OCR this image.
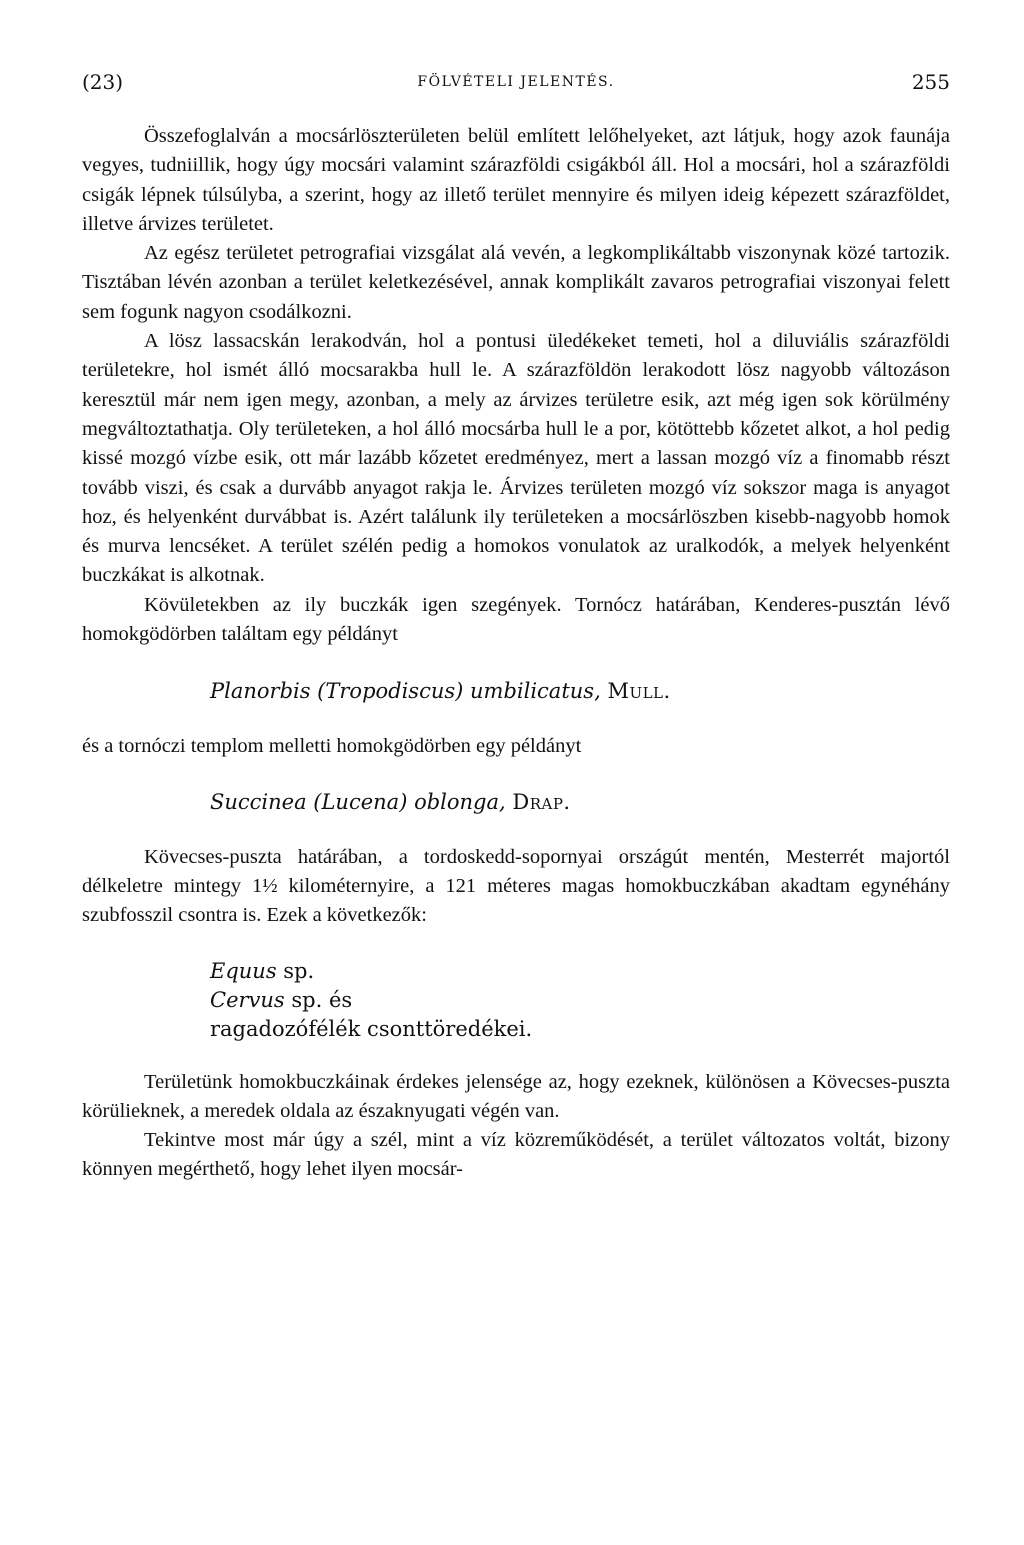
(23)	FÖLVÉTELI JELENTÉS.	255

Összefoglalván a mocsárlöszterületen belül említett lelőhelyeket, azt látjuk, hogy azok faunája vegyes, tudniillik, hogy úgy mocsári valamint szárazföldi csigákból áll. Hol a mocsári, hol a szárazföldi csigák lépnek túlsúlyba, a szerint, hogy az illető terület mennyire és milyen ideig képezett szárazföldet, illetve árvizes területet.

Az egész területet petrografiai vizsgálat alá vevén, a legkomplikáltabb viszonynak közé tartozik. Tisztában lévén azonban a terület keletkezésével, annak komplikált zavaros petrografiai viszonyai felett sem fogunk nagyon csodálkozni.

A lösz lassacskán lerakodván, hol a pontusi üledékeket temeti, hol a diluviális szárazföldi területekre, hol ismét álló mocsarakba hull le. A szárazföldön lerakodott lösz nagyobb változáson keresztül már nem igen megy, azonban, a mely az árvizes területre esik, azt még igen sok körülmény megváltoztathatja. Oly területeken, a hol álló mocsárba hull le a por, kötöttebb kőzetet alkot, a hol pedig kissé mozgó vízbe esik, ott már lazább kőzetet eredményez, mert a lassan mozgó víz a finomabb részt tovább viszi, és csak a durvább anyagot rakja le. Árvizes területen mozgó víz sokszor maga is anyagot hoz, és helyenként durvábbat is. Azért találunk ily területeken a mocsárlöszben kisebb-nagyobb homok és murva lencséket. A terület szélén pedig a homokos vonulatok az uralkodók, a melyek helyenként buczkákat is alkotnak.

Kövületekben az ily buczkák igen szegények. Tornócz határában, Kenderes-pusztán lévő homokgödörben találtam egy példányt

Planorbis (Tropodiscus) umbilicatus, Mull.

és a tornóczi templom melletti homokgödörben egy példányt

Succinea (Lucena) oblonga, Drap.

Kövecses-puszta határában, a tordoskedd-sopornyai országút mentén, Mesterrét majortól délkeletre mintegy 1½ kilométernyire, a 121 méteres magas homokbuczkában akadtam egynéhány szubfosszil csontra is. Ezek a következők:

Equus sp.
Cervus sp. és
ragadozófélék csonttöredékei.

Területünk homokbuczkáinak érdekes jelensége az, hogy ezeknek, különösen a Kövecses-puszta körülieknek, a meredek oldala az északnyugati végén van.

Tekintve most már úgy a szél, mint a víz közreműködését, a terület változatos voltát, bizony könnyen megérthető, hogy lehet ilyen mocsár-
